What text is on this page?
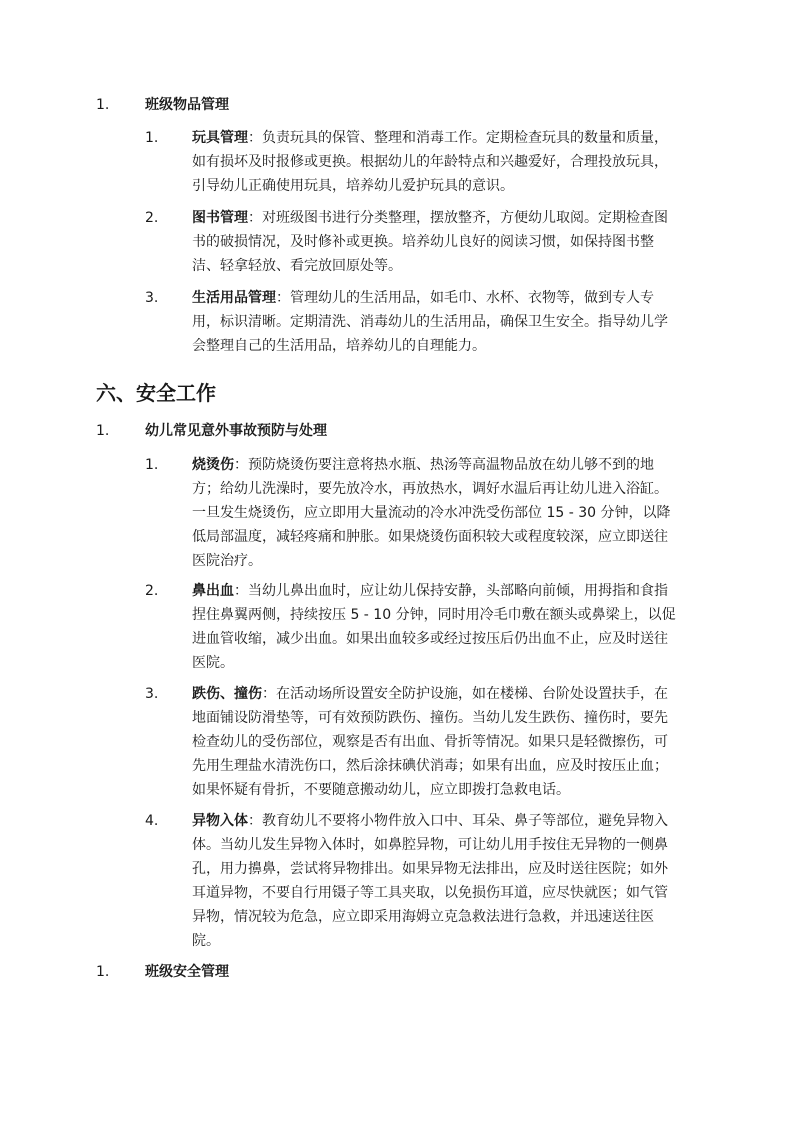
1.	班级物品管理
1. 玩具管理：负责玩具的保管、整理和消毒工作。定期检查玩具的数量和质量，
如有损坏及时报修或更换。根据幼儿的年龄特点和兴趣爱好，合理投放玩具，
引导幼儿正确使用玩具，培养幼儿爱护玩具的意识。
2. 图书管理：对班级图书进行分类整理，摆放整齐，方便幼儿取阅。定期检查图
书的破损情况，及时修补或更换。培养幼儿良好的阅读习惯，如保持图书整
洁、轻拿轻放、看完放回原处等。
3. 生活用品管理：管理幼儿的生活用品，如毛巾、水杯、衣物等，做到专人专
用，标识清晰。定期清洗、消毒幼儿的生活用品，确保卫生安全。指导幼儿学
会整理自己的生活用品，培养幼儿的自理能力。
六、安全工作
1.	幼儿常见意外事故预防与处理
1. 烧烫伤：预防烧烫伤要注意将热水瓶、热汤等高温物品放在幼儿够不到的地
方；给幼儿洗澡时，要先放冷水，再放热水，调好水温后再让幼儿进入浴缸。
一旦发生烧烫伤，应立即用大量流动的冷水冲洗受伤部位 15 - 30 分钟，以降
低局部温度，减轻疼痛和肿胀。如果烧烫伤面积较大或程度较深，应立即送往
医院治疗。
2. 鼻出血：当幼儿鼻出血时，应让幼儿保持安静，头部略向前倾，用拇指和食指
捏住鼻翼两侧，持续按压 5 - 10 分钟，同时用冷毛巾敷在额头或鼻梁上，以促
进血管收缩，减少出血。如果出血较多或经过按压后仍出血不止，应及时送往
医院。
3. 跌伤、撞伤：在活动场所设置安全防护设施，如在楼梯、台阶处设置扶手，在
地面铺设防滑垫等，可有效预防跌伤、撞伤。当幼儿发生跌伤、撞伤时，要先
检查幼儿的受伤部位，观察是否有出血、骨折等情况。如果只是轻微擦伤，可
先用生理盐水清洗伤口，然后涂抹碘伏消毒；如果有出血，应及时按压止血；
如果怀疑有骨折，不要随意搬动幼儿，应立即拨打急救电话。
4. 异物入体：教育幼儿不要将小物件放入口中、耳朵、鼻子等部位，避免异物入
体。当幼儿发生异物入体时，如鼻腔异物，可让幼儿用手按住无异物的一侧鼻
孔，用力擤鼻，尝试将异物排出。如果异物无法排出，应及时送往医院；如外
耳道异物，不要自行用镊子等工具夹取，以免损伤耳道，应尽快就医；如气管
异物，情况较为危急，应立即采用海姆立克急救法进行急救，并迅速送往医
院。
1.	班级安全管理
